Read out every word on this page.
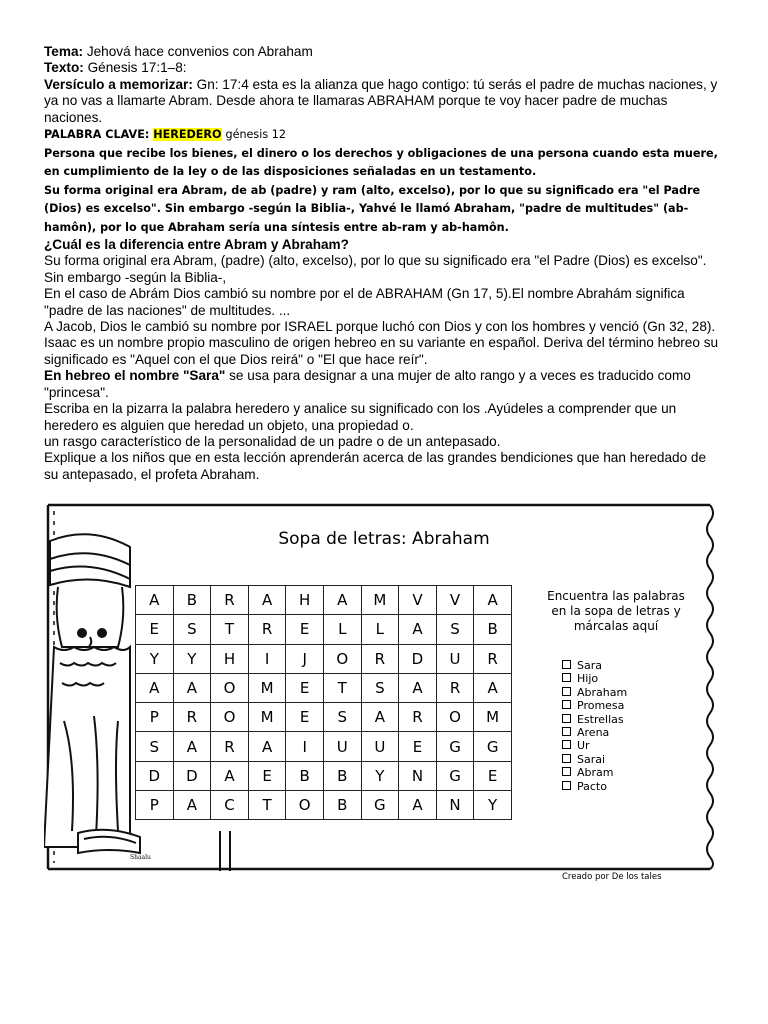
Tema: Jehová hace convenios con Abraham

Texto: Génesis 17:1–8:

Versículo a memorizar: Gn: 17:4 esta es la alianza que hago contigo: tú serás el padre de muchas naciones, y ya no vas a llamarte Abram. Desde ahora te llamaras ABRAHAM porque te voy hacer padre de muchas naciones.

PALABRA CLAVE: HEREDERO génesis 12

Persona que recibe los bienes, el dinero o los derechos y obligaciones de una persona cuando esta muere, en cumplimiento de la ley o de las disposiciones señaladas en un testamento.

Su forma original era Abram, de ab (padre) y ram (alto, excelso), por lo que su significado era "el Padre (Dios) es excelso". Sin embargo -según la Biblia-, Yahvé le llamó Abraham, "padre de multitudes" (ab-hamôn), por lo que Abraham sería una síntesis entre ab-ram y ab-hamôn.

¿Cuál es la diferencia entre Abram y Abraham?

Su forma original era Abram, (padre) (alto, excelso), por lo que su significado era "el Padre (Dios) es excelso". Sin embargo -según la Biblia-,

En el caso de Abrám Dios cambió su nombre por el de ABRAHAM (Gn 17, 5).El nombre Abrahám significa "padre de las naciones" de multitudes. ...

A Jacob, Dios le cambió su nombre por ISRAEL porque luchó con Dios y con los hombres y venció (Gn 32, 28).

Isaac es un nombre propio masculino de origen hebreo en su variante en español. Deriva del término hebreo su significado es "Aquel con el que Dios reirá" o "El que hace reír".

En hebreo el nombre "Sara" se usa para designar a una mujer de alto rango y a veces es traducido como "princesa".

Escriba en la pizarra la palabra heredero y analice su significado con los .Ayúdeles a comprender que un heredero es alguien que heredad un objeto, una propiedad o.

un rasgo característico de la personalidad de un padre o de un antepasado.

Explique a los niños que en esta lección aprenderán acerca de las grandes bendiciones que han heredado de su antepasado, el profeta Abraham.

Shaalu
Sopa de letras: Abraham
A	B	R	A	H	A	M	V	V	A
E	S	T	R	E	L	L	A	S	B
Y	Y	H	I	J	O	R	D	U	R
A	A	O	M	E	T	S	A	R	A
P	R	O	M	E	S	A	R	O	M
S	A	R	A	I	U	U	E	G	G
D	D	A	E	B	B	Y	N	G	E
P	A	C	T	O	B	G	A	N	Y
Encuentra las palabras en la sopa de letras y márcalas aquí
Sara
Hijo
Abraham
Promesa
Estrellas
Arena
Ur
Sarai
Abram
Pacto
Creado por De los tales
